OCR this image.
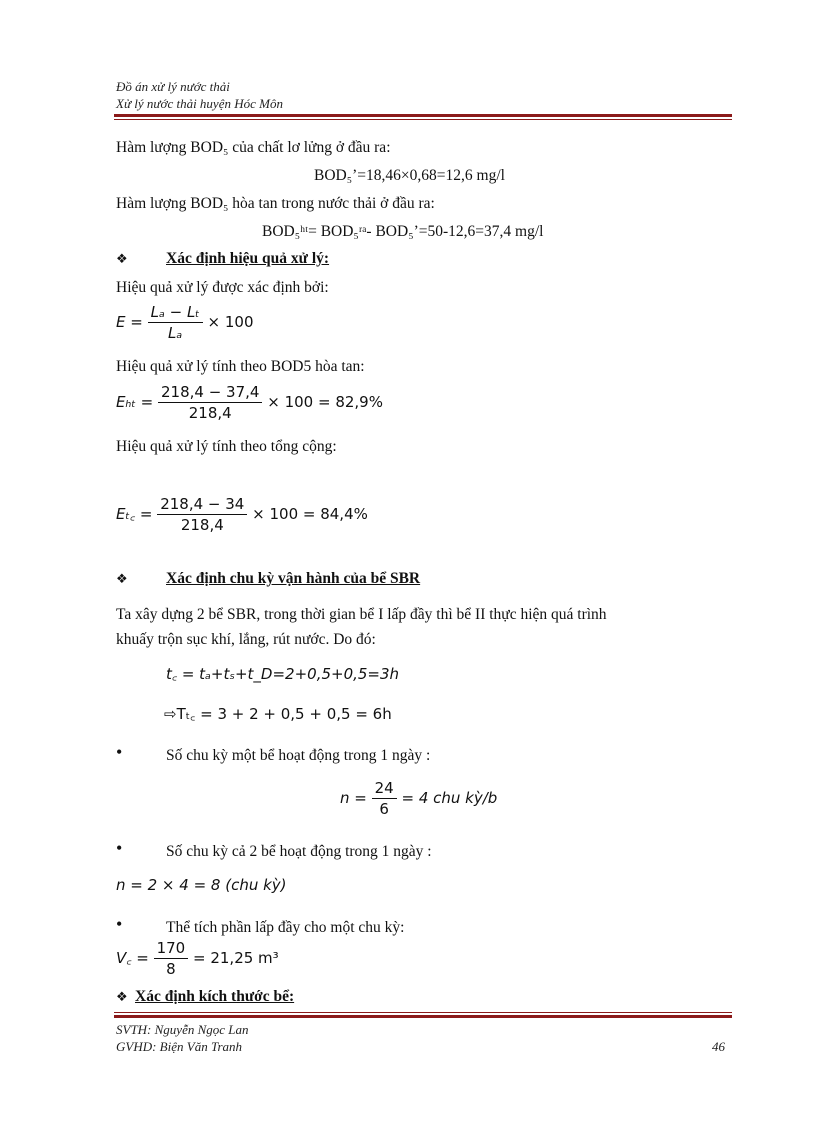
Đồ án xử lý nước thải
Xử lý nước thải huyện Hóc Môn
Hàm lượng BOD₅ của chất lơ lửng ở đầu ra:
BOD₅’=18,46×0,68=12,6 mg/l
Hàm lượng BOD₅ hòa tan trong nước thải ở đầu ra:
BOD₅ʰᵗ= BOD₅ʳᵃ- BOD₅’=50-12,6=37,4 mg/l
❖ Xác định hiệu quả xử lý:
Hiệu quả xử lý được xác định bởi:
$E = \frac{\text{Lₐ − Lₜ}}{\text{Lₐ}} \times 100$
Hiệu quả xử lý tính theo BOD5 hòa tan:
$E_{ht} = \frac{218,4 - 37,4}{218,4} \times 100 = 82,9\%$
Hiệu quả xử lý tính theo tổng cộng:
Eₜ꜀ = $\frac{218,4 - 34}{218,4} \times 100 = 84,4\%$
❖ Xác định chu kỳ vận hành của bể SBR
Ta xây dựng 2 bể SBR, trong thời gian bể I lấp đầy thì bể II thực hiện quá trình
khuấy trộn sục khí, lắng, rút nước. Do đó:
t꜀ = tₐ+tₛ+t_D=2+0,5+0,5=3h
⇨Tₜ꜀ = 3 + 2 + 0,5 + 0,5 = 6h
•	Số chu kỳ một bể hoạt động trong 1 ngày :
$n = \frac{24}{6} = 4$ chu kỳ/b
•	Số chu kỳ cả 2 bể hoạt động trong 1 ngày :
n = 2 × 4 = 8 (chu kỳ)
•	Thể tích phần lấp đầy cho một chu kỳ:
V꜀ = $\frac{170}{8} = 21,25$ m³
❖ Xác định kích thước bể:
SVTH: Nguyễn Ngọc Lan
GVHD: Biện Văn Tranh	46
